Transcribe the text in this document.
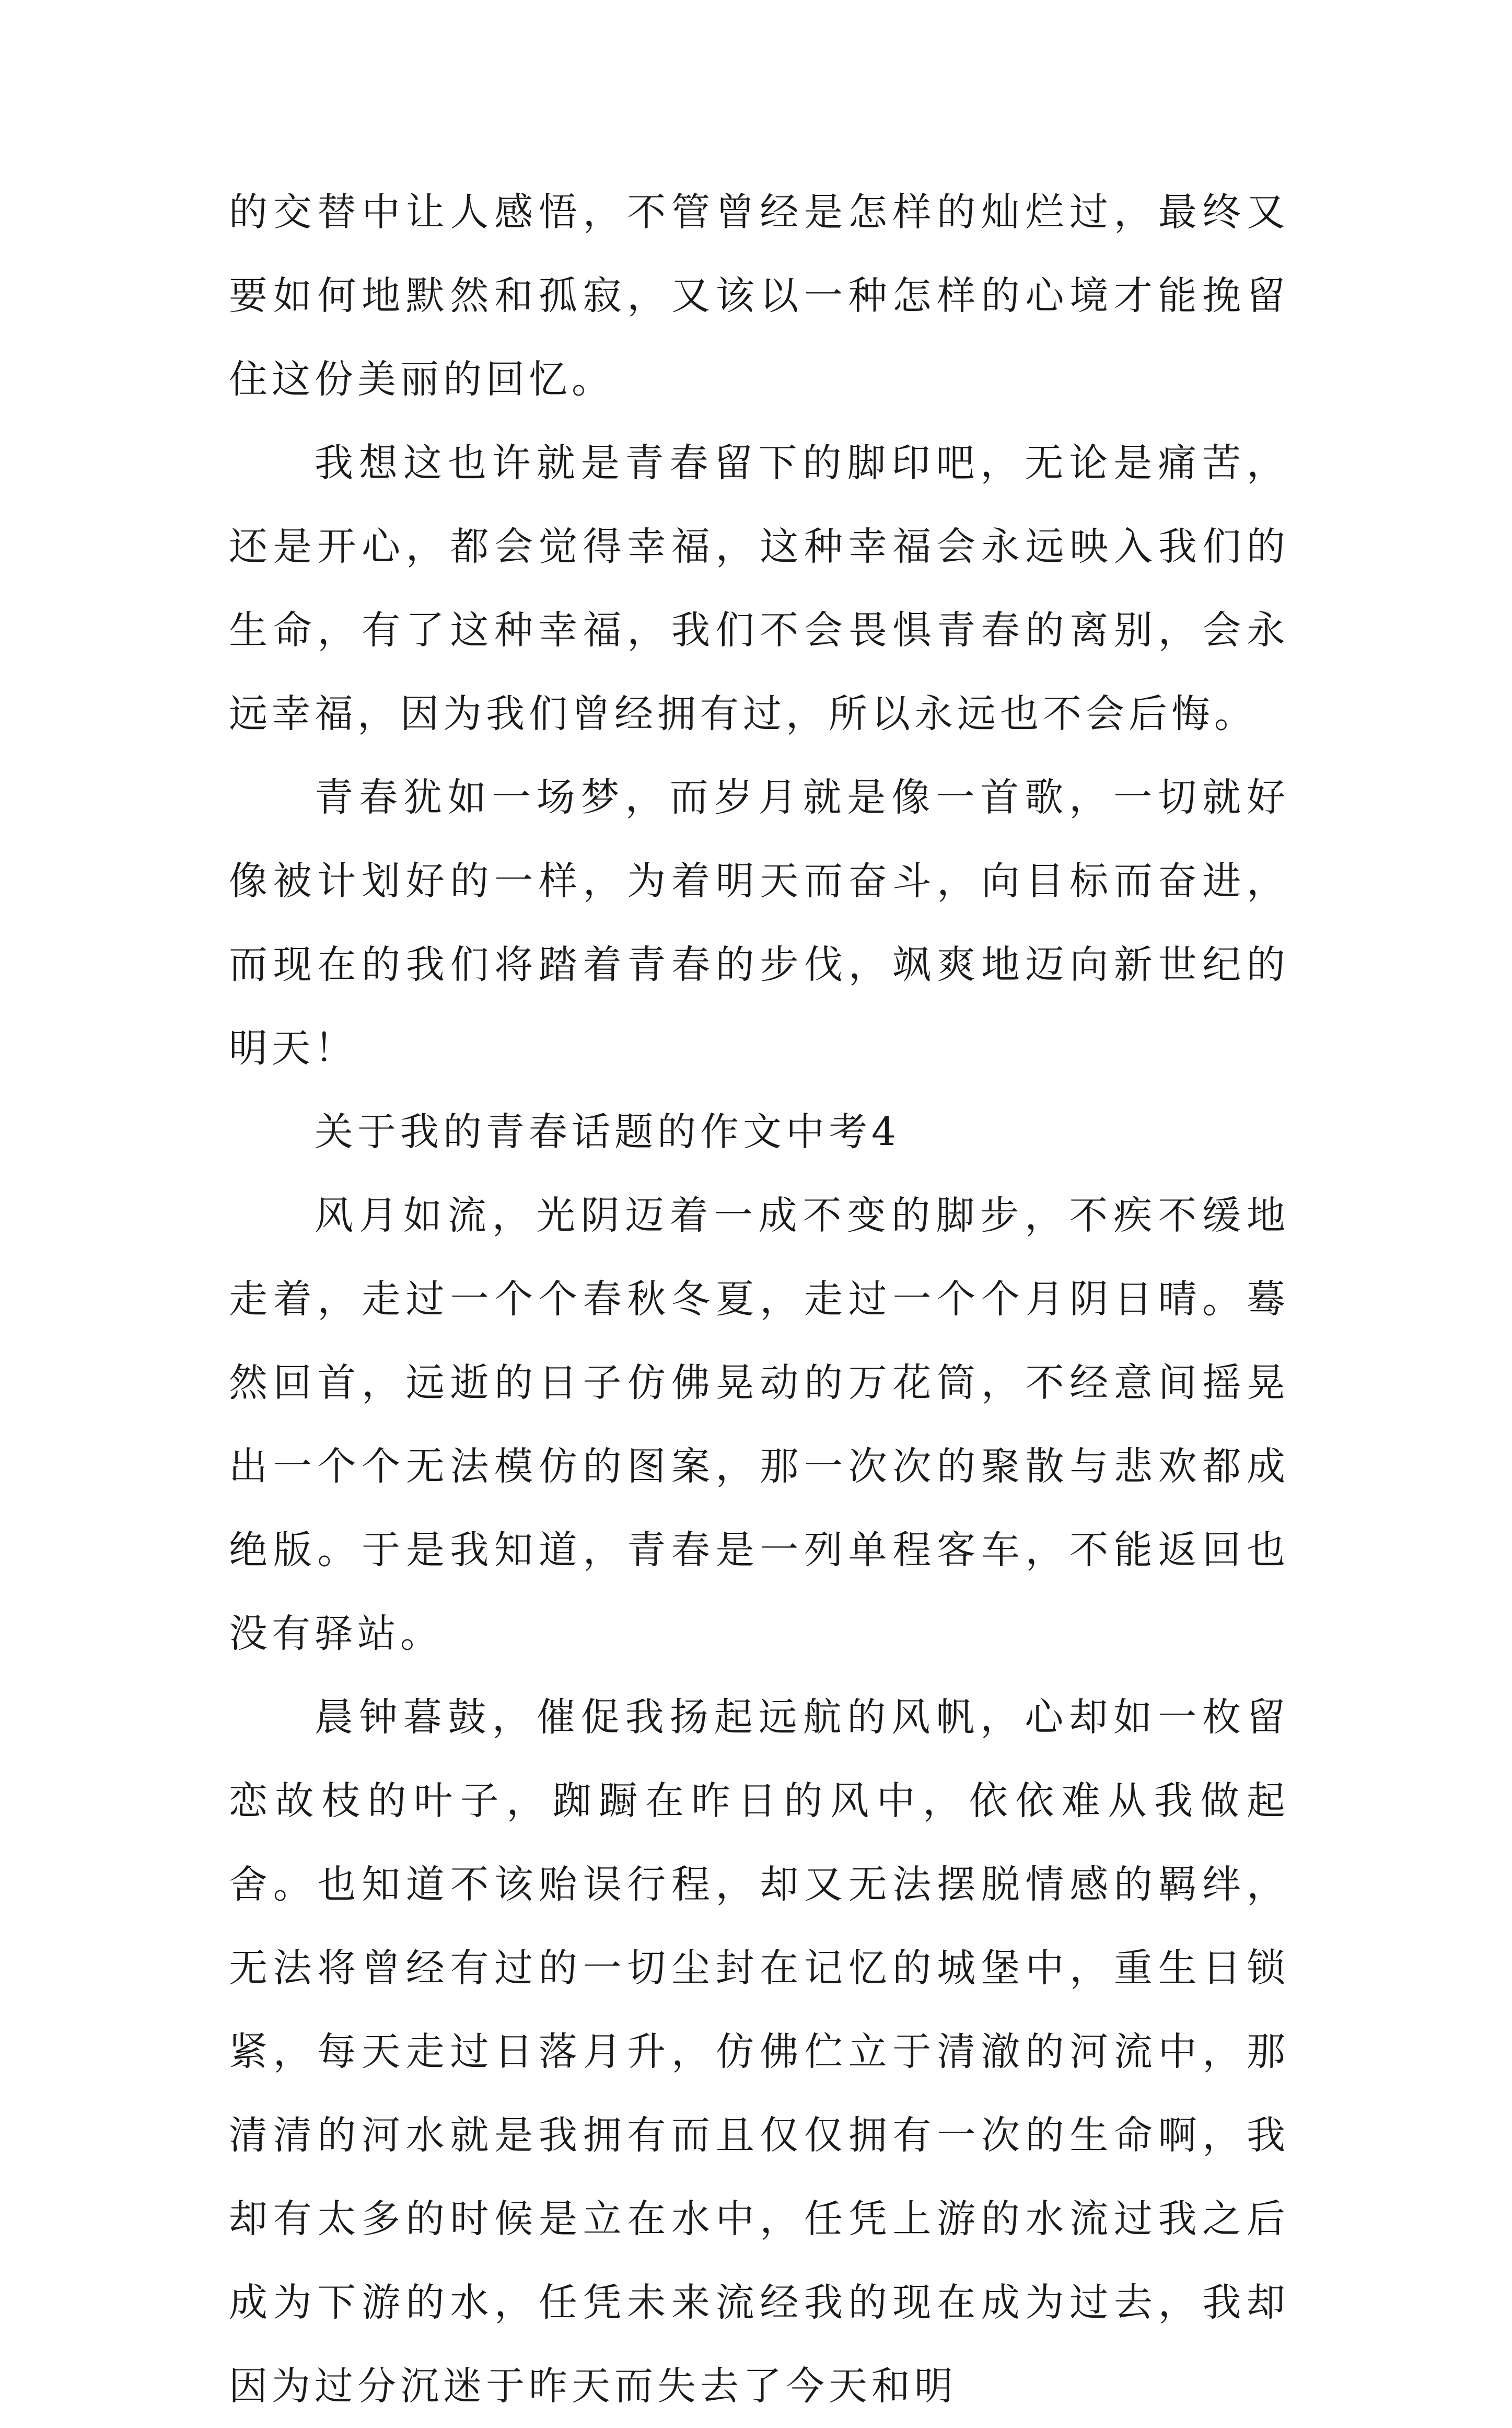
的交替中让人感悟，不管曾经是怎样的灿烂过，最终又要如何地默然和孤寂，又该以一种怎样的心境才能挽留住这份美丽的回忆。

我想这也许就是青春留下的脚印吧，无论是痛苦，还是开心，都会觉得幸福，这种幸福会永远映入我们的生命，有了这种幸福，我们不会畏惧青春的离别，会永远幸福，因为我们曾经拥有过，所以永远也不会后悔。

青春犹如一场梦，而岁月就是像一首歌，一切就好像被计划好的一样，为着明天而奋斗，向目标而奋进，而现在的我们将踏着青春的步伐，飒爽地迈向新世纪的明天！

关于我的青春话题的作文中考4

风月如流，光阴迈着一成不变的脚步，不疾不缓地走着，走过一个个春秋冬夏，走过一个个月阴日晴。蓦然回首，远逝的日子仿佛晃动的万花筒，不经意间摇晃出一个个无法模仿的图案，那一次次的聚散与悲欢都成绝版。于是我知道，青春是一列单程客车，不能返回也没有驿站。

晨钟暮鼓，催促我扬起远航的风帆，心却如一枚留恋故枝的叶子，踟蹰在昨日的风中，依依难从我做起舍。也知道不该贻误行程，却又无法摆脱情感的羁绊，无法将曾经有过的一切尘封在记忆的城堡中，重生日锁紧，每天走过日落月升，仿佛伫立于清澈的河流中，那清清的河水就是我拥有而且仅仅拥有一次的生命啊，我却有太多的时候是立在水中，任凭上游的水流过我之后成为下游的水，任凭未来流经我的现在成为过去，我却因为过分沉迷于昨天而失去了今天和明
